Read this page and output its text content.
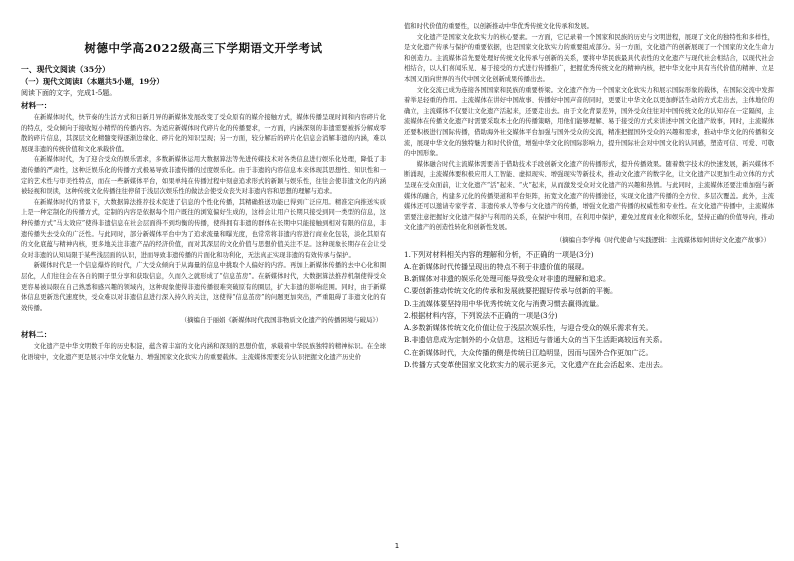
树德中学高2022级高三下学期语文开学考试
一、现代文阅读（35分）
（一）现代文阅读Ⅰ（本题共5小题，19分）
阅读下面的文字，完成1-5题。
材料一：

在新媒体时代，快节奏的生活方式和日新月异的新媒体发展改变了受众原有的媒介接触方式，媒体传播呈现时间和内容碎片化的特点，受众倾向于接收短小精悍的传播内容。为适应新媒体时代碎片化的传播要求，一方面，内涵深刻的非遗需要被拆分解成零散的碎片信息，其深层文化精髓变得逐渐边缘化、碎片化的知识呈现；另一方面，较分解后的碎片化信息会消解非遗的内涵，难以展现非遗的传统价值和文化承载价值。

在新媒体时代，为了迎合受众的娱乐需求，多数新媒体运用大数据算法等先进传媒技术对各类信息进行娱乐化处理，降低了非遗传播的严肃性，这种泛娱乐化的传播方式极易导致非遗传播的过度娱乐化。由于非遗的内容信息本来体现其思想性、知识性和一定的艺术性与审美性特点，而在一些新媒体平台，如果单纯在传播过程中刻意追求形式的新颖与娱乐性，往往会使非遗文化的内涵被轻视和误读，这种传统文化传播往往停留于浅层次娱乐性的做法会使受众丧失对非遗内容和思想的理解与追求。

在新媒体时代的背景下，大数据算法推荐技术促进了信息的个性化传播，其精确推送功能已得到广泛应用。精准定向推送实质上是一种定制化的传播方式，定制的内容是依据每个用户既往的浏览偏好生成的，这样会让用户长期只接受到同一类型的信息，这种传播方式“马太效应”使得非遗信息在社会层面得不到均衡的传播，使得拥有非遗的群体在长期中只能接触到相对有限的信息，非遗传播失去受众的广泛性。与此同时，部分新媒体平台中为了追求流量和曝光度，也常常将非遗内容进行商业化包装，淡化其原有的文化底蕴与精神内核，更多地关注非遗产品的经济价值，而对其深层的文化价值与思想价值关注不足。这种现象长期存在会让受众对非遗的认知局限于某些浅层面的认识，进而导致非遗传播的片面化和功利化，无法真正实现非遗的有效传承与保护。

新媒体时代是一个信息爆炸的时代，广大受众倾向于从海量的信息中挑取个人偏好的内容。再加上新媒体传播的去中心化和圈层化，人们往往会在各自的圈子里分享和获取信息，久而久之就形成了“信息茧房”。在新媒体时代，大数据算法推荐机制使得受众更容易被局限在自己熟悉和感兴趣的领域内，这种现象使得非遗传播很难突破原有的圈层，扩大非遗的影响范围。同时，由于新媒体信息更新迭代速度快，受众难以对非遗信息进行深入持久的关注，这使得“信息茧房”的问题更加突出，严重阻碍了非遗文化的有效传播。

（摘编自于丽娟《新媒体时代我国非物质文化遗产的传播困境与破局》）
材料二：

文化遗产是中华文明数千年的历史积淀，蕴含着丰富的文化内涵和深刻的思想价值，承载着中华民族独特的精神标识。在全球化语境中，文化遗产更是展示中华文化魅力、增强国家文化软实力的重要载体。主流媒体需要充分认识把握文化遗产历史价

值和时代价值的重要性，以创新推动中华优秀传统文化传承和发展。

文化遗产是国家文化软实力的核心要素。一方面，它记录着一个国家和民族的历史与文明进程，展现了文化的独特性和多样性，是文化遗产传承与保护的重要依据，也是国家文化软实力的重要组成部分。另一方面，文化遗产的创新展现了一个国家的文化生命力和创造力。主流媒体首先要处理好传统文化传承与创新的关系，要将中华民族最具代表性的文化遗产与现代社会相结合，以现代社会相结合，以人们喜闻乐见、易于接受的方式进行传播推广，把握优秀传统文化的精神内核，把中华文化中具有当代价值的精神、立足本国又面向世界的当代中国文化创新成果传播出去。

文化交流已成为连接各国国家和民族的重要桥梁。文化遗产作为一个国家文化软实力和展示国际形象的载体，在国际交流中发挥着举足轻重的作用。主流媒体在讲好中国故事、传播好中国声音的同时，更要让中华文化以更加鲜活生动的方式走出去，主体地位的确立，主流媒体不仅要让文化遗产活起来，还要走出去。由于文化背景差异，国外受众往往对中国传统文化的认知存在一定隔阂，主流媒体在传播文化遗产时需要采取本土化的传播策略，用他们能够理解、易于接受的方式来讲述中国文化遗产故事，同时，主流媒体还要积极进行国际传播，借助海外社交媒体平台加强与国外受众的交流，精准把握国外受众的兴趣和需求，推动中华文化的传播和交流，展现中华文化的独特魅力和时代价值，增强中华文化的国际影响力，提升国际社会对中国文化的认同感，塑造可信、可爱、可敬的中国形象。

媒体融合时代主流媒体需要善于借助技术手段创新文化遗产的传播形式，提升传播效果。随着数字技术的快速发展，新兴媒体不断涌现，主流媒体要积极应用人工智能、虚拟现实、增强现实等新技术，推动文化遗产的数字化，让文化遗产以更加生动立体的方式呈现在受众面前，让文化遗产“活”起来、“火”起来，从而激发受众对文化遗产的兴趣和热情。与此同时，主流媒体还要注重加强与新媒体的融合，构建多元化的传播渠道和平台矩阵，拓宽文化遗产的传播途径，实现文化遗产传播的全方位、多层次覆盖。此外，主流媒体还可以邀请专家学者、非遗传承人等参与文化遗产的传播，增强文化遗产传播的权威性和专业性。在文化遗产传播中，主流媒体需要注意把握好文化遗产保护与利用的关系，在保护中利用，在利用中保护，避免过度商业化和娱乐化，坚持正确的价值导向，推动文化遗产的创造性转化和创新性发展。

（摘编自李学梅《时代使命与实践逻辑：主流媒体如何讲好文化遗产故事》）
1.下列对材料相关内容的理解和分析，不正确的一项是(3分)
A.在新媒体时代传播呈现出的特点不利于非遗价值的展现。
B.新媒体对非遗的娱乐化处理可能导致受众对非遗的理解和追求。
C.要创新推动传统文化的传承和发展就要把握好传承与创新的平衡。
D.主流媒体要坚持用中华优秀传统文化与消费习惯去赢得流量。
2.根据材料内容，下列说法不正确的一项是(3分)
A.多数新媒体传统文化价值让位于浅层次娱乐性，与迎合受众的娱乐需求有关。
B.非遗信息成为定制外的小众信息，这相近与普通大众的当下生活距离较远有关系。
C.在新媒体时代，大众传播的侧是传统日江趋明显，因而与国外合作更加广泛。
D.传播方式变革使国家文化软实力的展示更多元，文化遗产在此会活起来、走出去。
1
